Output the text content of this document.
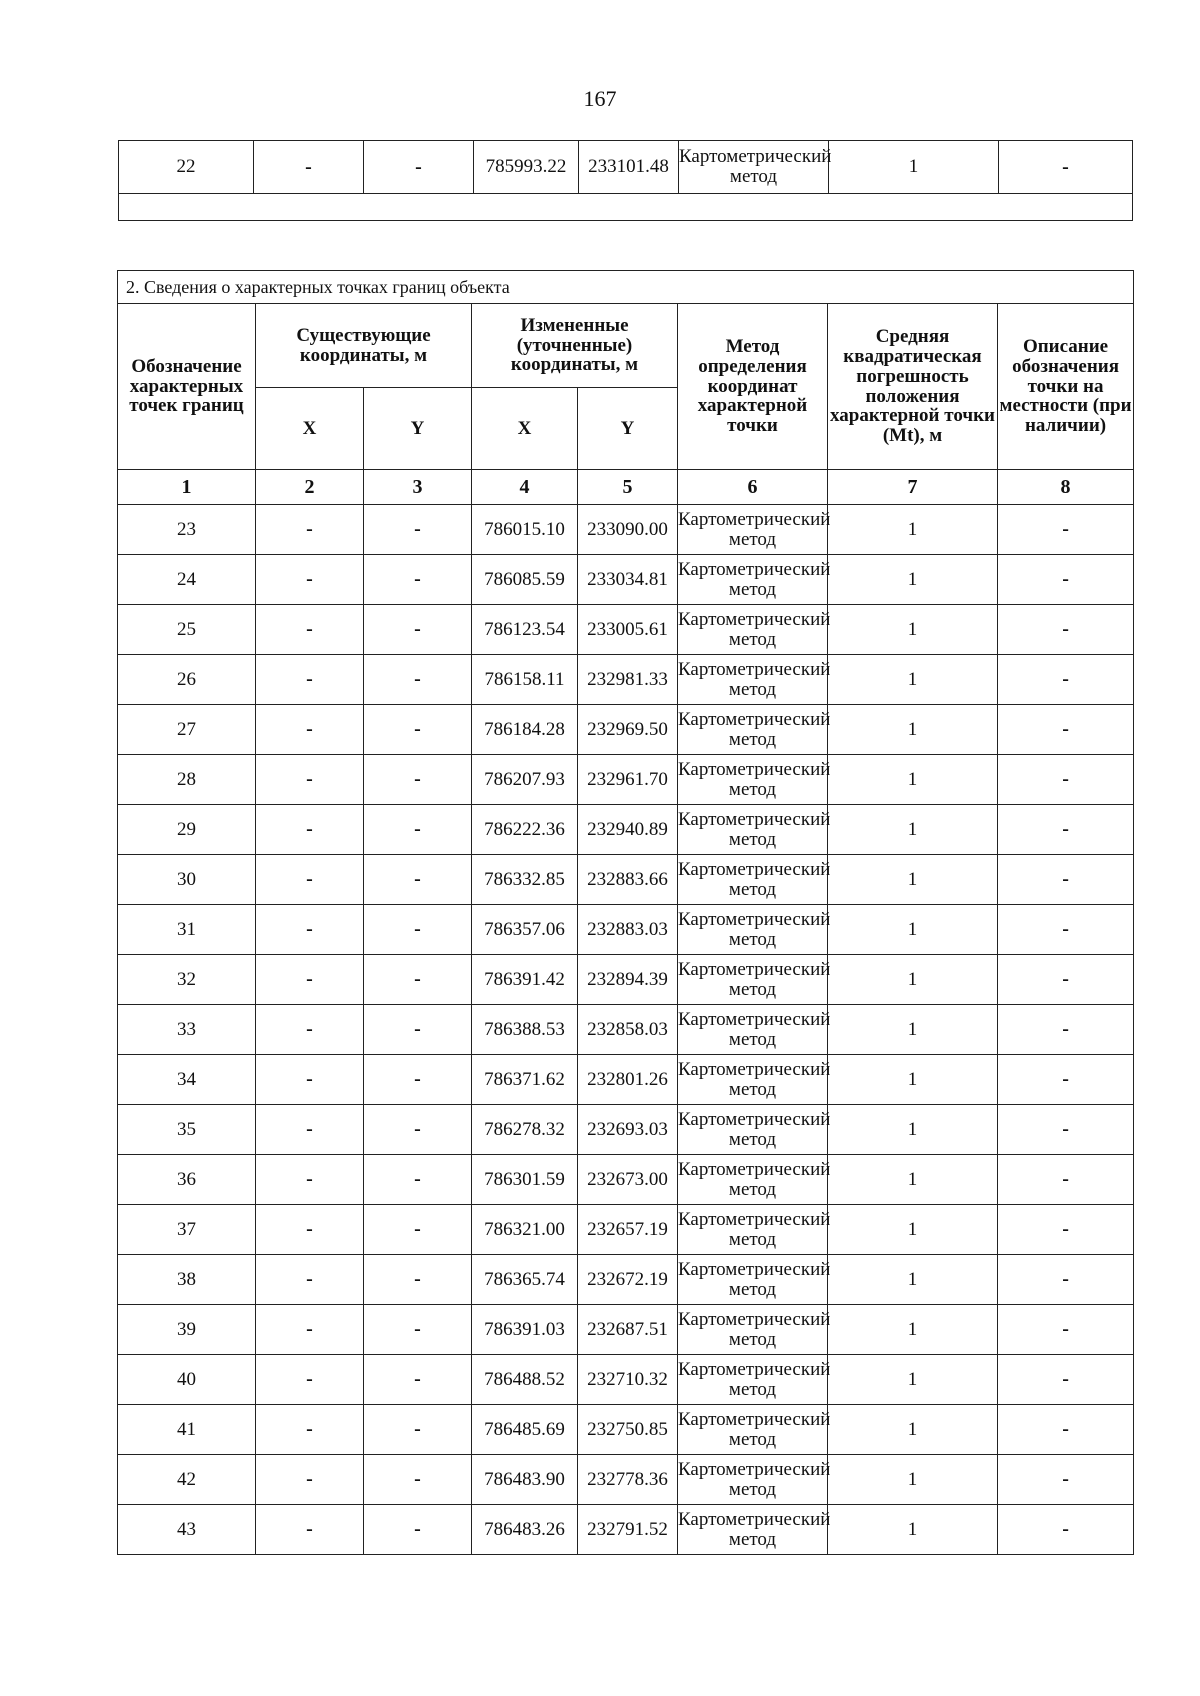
167
22	-	-	785993.22	233101.48	Картометрический метод	1	-

2. Сведения о характерных точках границ объекта							
Обозначение характерных точек границ	Существующие координаты, м		Измененные (уточненные) координаты, м		Метод определения координат характерной точки	Средняя квадратическая погрешность положения характерной точки (Mt), м	Описание обозначения точки на местности (при наличии)
	X	Y	X	Y			
1	2	3	4	5	6	7	8
23	-	-	786015.10	233090.00	Картометрический метод	1	-
24	-	-	786085.59	233034.81	Картометрический метод	1	-
25	-	-	786123.54	233005.61	Картометрический метод	1	-
26	-	-	786158.11	232981.33	Картометрический метод	1	-
27	-	-	786184.28	232969.50	Картометрический метод	1	-
28	-	-	786207.93	232961.70	Картометрический метод	1	-
29	-	-	786222.36	232940.89	Картометрический метод	1	-
30	-	-	786332.85	232883.66	Картометрический метод	1	-
31	-	-	786357.06	232883.03	Картометрический метод	1	-
32	-	-	786391.42	232894.39	Картометрический метод	1	-
33	-	-	786388.53	232858.03	Картометрический метод	1	-
34	-	-	786371.62	232801.26	Картометрический метод	1	-
35	-	-	786278.32	232693.03	Картометрический метод	1	-
36	-	-	786301.59	232673.00	Картометрический метод	1	-
37	-	-	786321.00	232657.19	Картометрический метод	1	-
38	-	-	786365.74	232672.19	Картометрический метод	1	-
39	-	-	786391.03	232687.51	Картометрический метод	1	-
40	-	-	786488.52	232710.32	Картометрический метод	1	-
41	-	-	786485.69	232750.85	Картометрический метод	1	-
42	-	-	786483.90	232778.36	Картометрический метод	1	-
43	-	-	786483.26	232791.52	Картометрический метод	1	-
